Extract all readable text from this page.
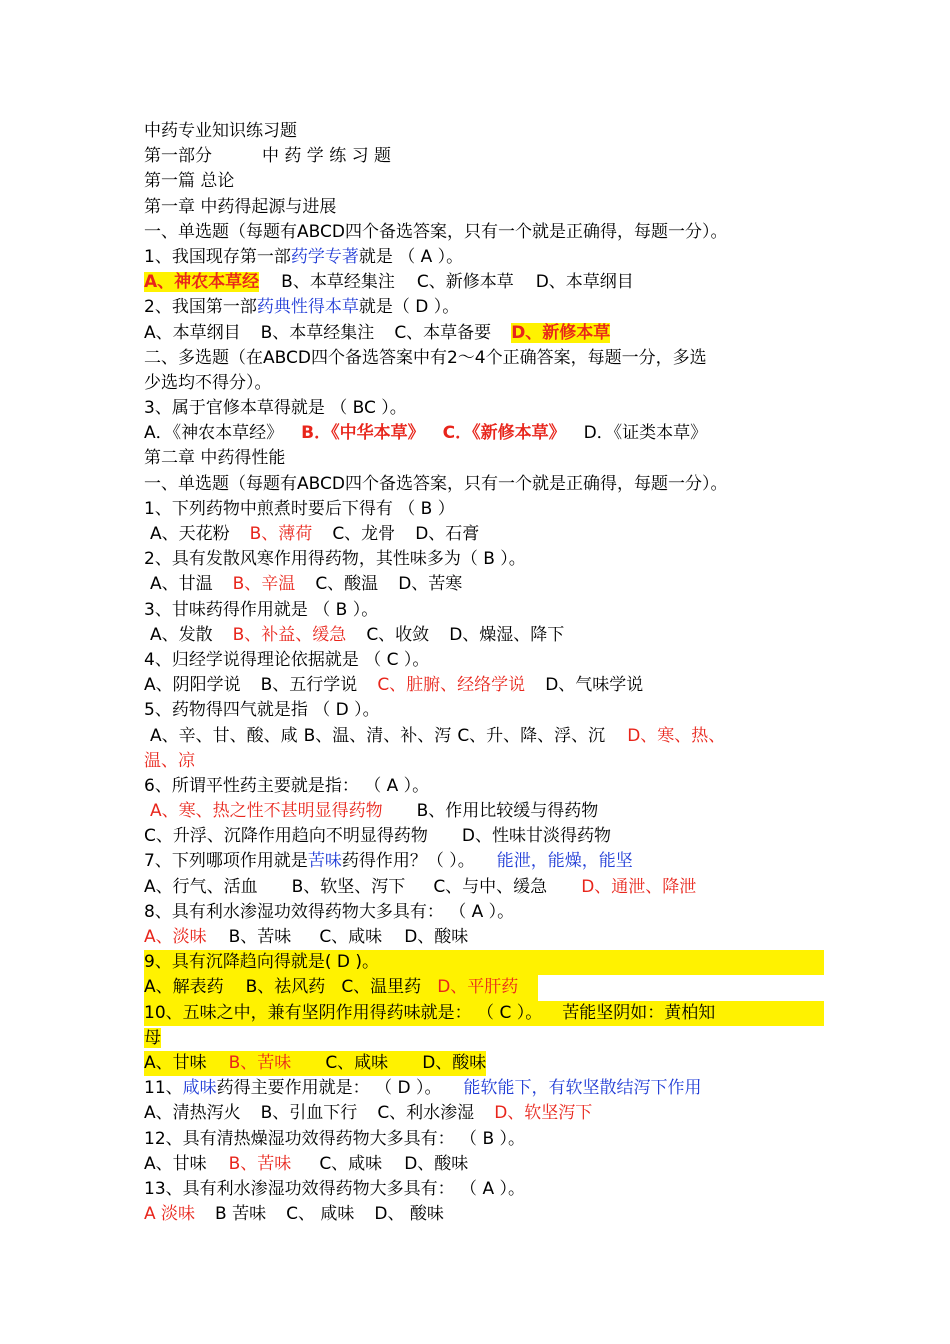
中药专业知识练习题
第一部分	中 药 学 练 习 题
第一篇 总论
第一章 中药得起源与进展
一、单选题（每题有ABCD四个备选答案，只有一个就是正确得，每题一分）。
1、我国现存第一部药学专著就是 （ A ）。
A、神农本草经 B、本草经集注 C、新修本草 D、本草纲目
2、我国第一部药典性得本草就是（ D ）。
A、本草纲目 B、本草经集注 C、本草备要 D、新修本草
二、多选题（在ABCD四个备选答案中有2～4个正确答案，每题一分，多选
少选均不得分）。
3、属于官修本草得就是 （ BC ）。
A．《神农本草经》 B．《中华本草》 C．《新修本草》 D．《证类本草》
第二章 中药得性能
一、单选题（每题有ABCD四个备选答案，只有一个就是正确得，每题一分）。
1、下列药物中煎煮时要后下得有 （ B ）
A、天花粉 B、薄荷 C、龙骨 D、石膏
2、具有发散风寒作用得药物，其性味多为（ B ）。
A、甘温 B、辛温 C、酸温 D、苦寒
3、甘味药得作用就是 （ B ）。
A、发散 B、补益、缓急 C、收敛 D、燥湿、降下
4、归经学说得理论依据就是 （ C ）。
A、阴阳学说 B、五行学说 C、脏腑、经络学说 D、气味学说
5、药物得四气就是指 （ D ）。
A、辛、甘、酸、咸 B、温、清、补、泻 C、升、降、浮、沉 D、寒、热、
温、凉
6、所谓平性药主要就是指： （ A ）。
A、寒、热之性不甚明显得药物 B、作用比较缓与得药物
C、升浮、沉降作用趋向不明显得药物 D、性味甘淡得药物
7、下列哪项作用就是苦味药得作用？（ ）。 能泄，能燥，能坚
A、行气、活血 B、软坚、泻下 C、与中、缓急 D、通泄、降泄
8、具有利水渗湿功效得药物大多具有： （ A ）。
A、淡味 B、苦味 C、咸味 D、酸味
9、具有沉降趋向得就是( D )。
A、解表药 B、祛风药 C、温里药 D、平肝药
10、五味之中，兼有坚阴作用得药味就是： （ C ）。 苦能坚阴如：黄柏知
母
A、甘味 B、苦味 C、咸味 D、酸味
11、咸味药得主要作用就是： （ D ）。 能软能下，有软坚散结泻下作用
A、清热泻火 B、引血下行 C、利水渗湿 D、软坚泻下
12、具有清热燥湿功效得药物大多具有： （ B ）。
A、甘味 B、苦味 C、咸味 D、酸味
13、具有利水渗湿功效得药物大多具有： （ A ）。
A 淡味 B 苦味 C、 咸味 D、 酸味
